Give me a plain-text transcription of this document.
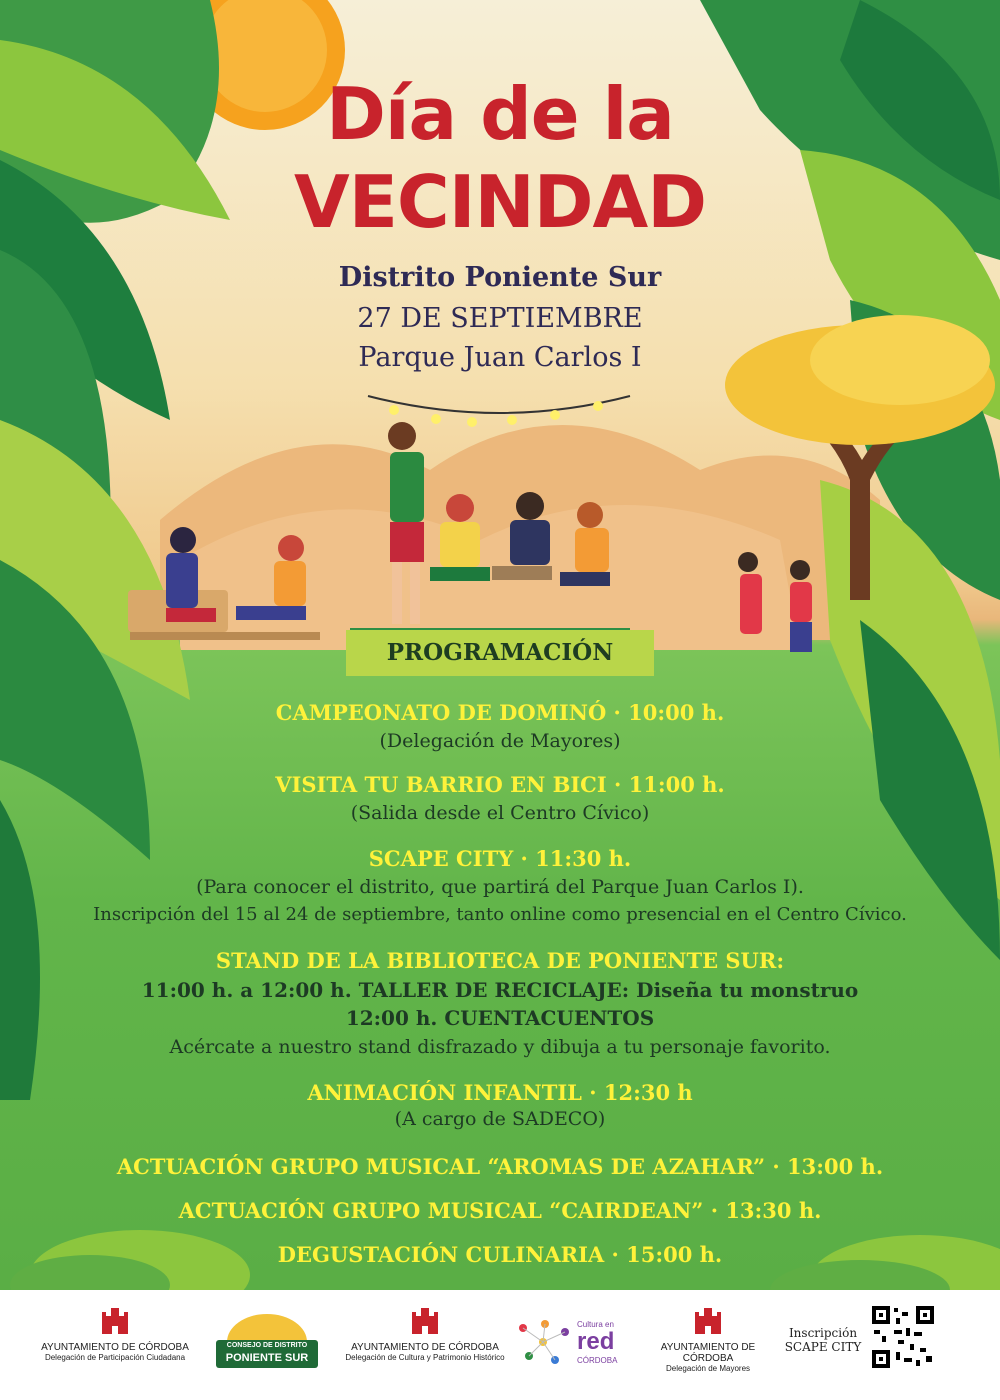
Día de la
VECINDAD

Distrito Poniente Sur

27 DE SEPTIEMBRE

Parque Juan Carlos I

PROGRAMACIÓN

CAMPEONATO DE DOMINÓ · 10:00 h.

(Delegación de Mayores)

VISITA TU BARRIO EN BICI · 11:00 h.

(Salida desde el Centro Cívico)

SCAPE CITY · 11:30 h.

(Para conocer el distrito, que partirá del Parque Juan Carlos I).

Inscripción del 15 al 24 de septiembre, tanto online como presencial en el Centro Cívico.

STAND DE LA BIBLIOTECA DE PONIENTE SUR:

11:00 h. a 12:00 h. TALLER DE RECICLAJE: Diseña tu monstruo

12:00 h. CUENTACUENTOS

Acércate a nuestro stand disfrazado y dibuja a tu personaje favorito.

ANIMACIÓN INFANTIL · 12:30 h

(A cargo de SADECO)

ACTUACIÓN GRUPO MUSICAL “AROMAS DE AZAHAR” · 13:00 h.

ACTUACIÓN GRUPO MUSICAL “CAIRDEAN” · 13:30 h.

DEGUSTACIÓN CULINARIA · 15:00 h.

AYUNTAMIENTO DE CÓRDOBA
Delegación de Participación Ciudadana
CONSEJO DE DISTRITO
PONIENTE SUR
AYUNTAMIENTO DE CÓRDOBA
Delegación de Cultura y Patrimonio Histórico
Cultura en
red
CÓRDOBA
AYUNTAMIENTO DE CÓRDOBA
Delegación de Mayores
Inscripción
SCAPE CITY
